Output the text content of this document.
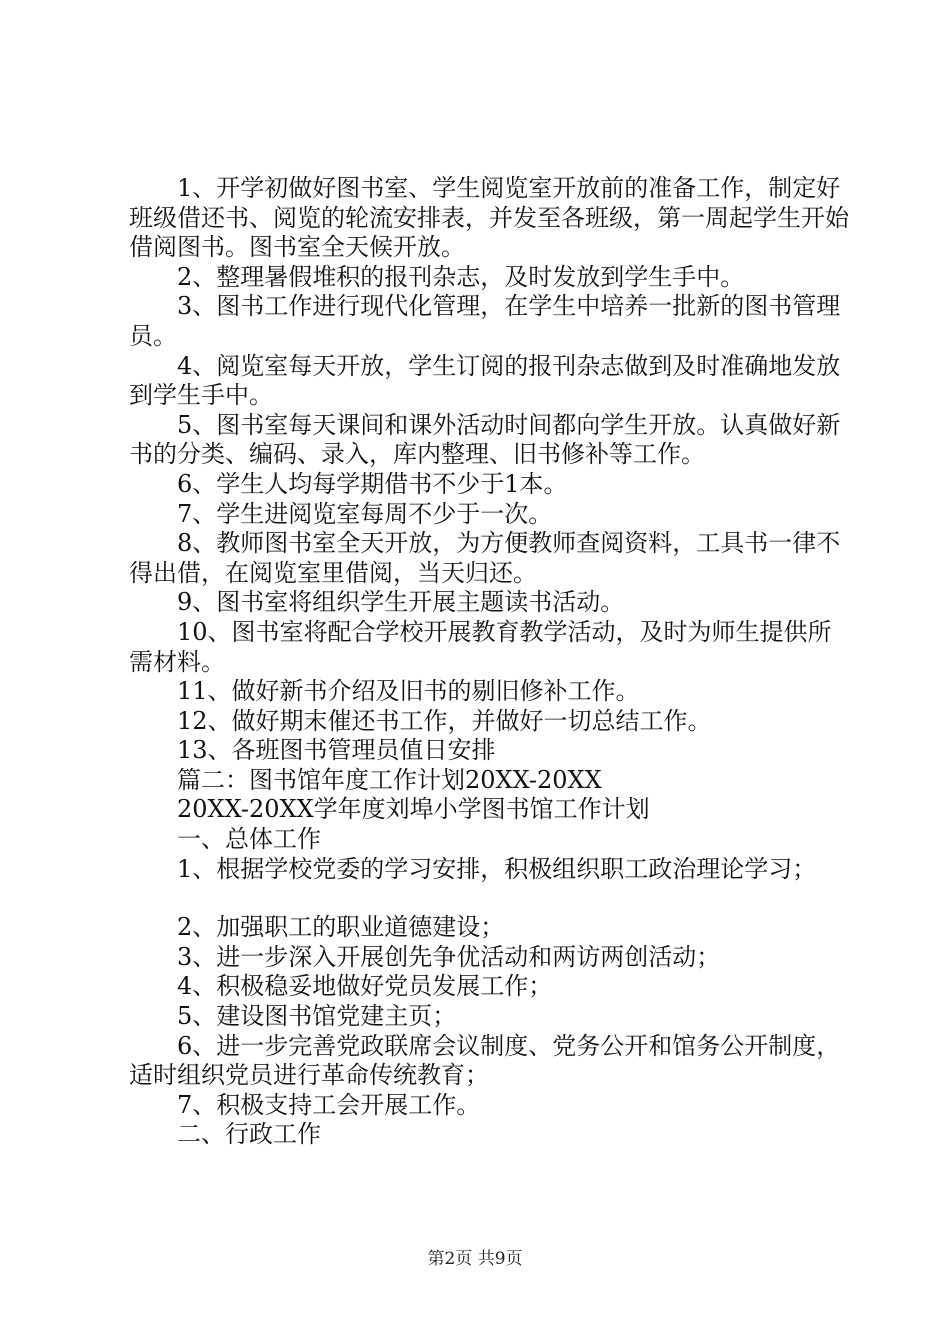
1、开学初做好图书室、学生阅览室开放前的准备工作，制定好班级借还书、阅览的轮流安排表，并发至各班级，第一周起学生开始借阅图书。图书室全天候开放。

2、整理暑假堆积的报刊杂志，及时发放到学生手中。

3、图书工作进行现代化管理，在学生中培养一批新的图书管理员。

4、阅览室每天开放，学生订阅的报刊杂志做到及时准确地发放到学生手中。

5、图书室每天课间和课外活动时间都向学生开放。认真做好新书的分类、编码、录入，库内整理、旧书修补等工作。

6、学生人均每学期借书不少于1本。

7、学生进阅览室每周不少于一次。

8、教师图书室全天开放，为方便教师查阅资料，工具书一律不得出借，在阅览室里借阅，当天归还。

9、图书室将组织学生开展主题读书活动。

10、图书室将配合学校开展教育教学活动，及时为师生提供所需材料。

11、做好新书介绍及旧书的剔旧修补工作。

12、做好期末催还书工作，并做好一切总结工作。

13、各班图书管理员值日安排

篇二：图书馆年度工作计划20XX-20XX

20XX-20XX学年度刘埠小学图书馆工作计划

一、总体工作

1、根据学校党委的学习安排，积极组织职工政治理论学习；

2、加强职工的职业道德建设；

3、进一步深入开展创先争优活动和两访两创活动；

4、积极稳妥地做好党员发展工作；

5、建设图书馆党建主页；

6、进一步完善党政联席会议制度、党务公开和馆务公开制度，适时组织党员进行革命传统教育；

7、积极支持工会开展工作。

二、行政工作

第2页 共9页
